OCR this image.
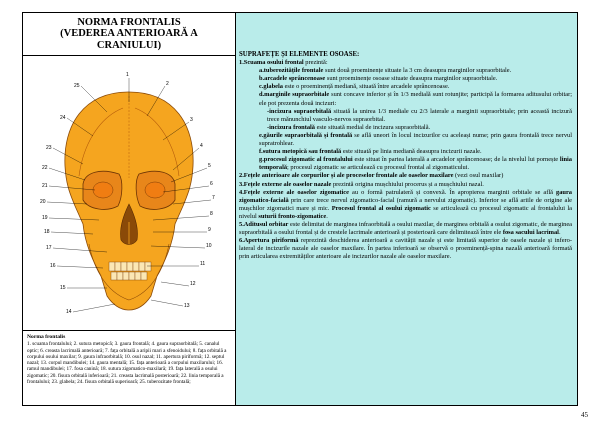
NORMA FRONTALIS
(VEDEREA ANTERIOARĂ A
CRANIULUI)
1
2
3
4
5
6
7
8
9
10
11
12
13
14
15
16
17
18
19
20
21
22
23
24
25
Norma frontalis
1. scuama frontalului; 2. sutura metopică; 3. gaura frontală; 4. gaura supraorbitală; 5. canalul optic; 6. creasta lacrimală anterioară; 7. fața orbitală a aripii mari a sfenoidului; 8. fața orbitală a corpului osului maxilar; 9. gaura infraorbitală; 10. osul nazal; 11. apertura piriformă; 12. septul nazal; 13. corpul mandibulei; 14. gaura mentală; 15. fața anterioară a corpului maxilarului; 16. ramul mandibulei; 17. fosa canină; 18. sutura zigomatico-maxilară; 19. fața laterală a osului zigomatic; 20. fisura orbitală inferioară; 21. creasta lacrimală posterioară; 22. linia temporală a frontalului; 23. glabela; 24. fisura orbitală superioară; 25. tuberozitate frontală;

SUPRAFEȚE ȘI ELEMENTE OSOASE:

1.Scuama osului frontal prezintă:

a.tuberozitățile frontale sunt două proeminențe situate la 3 cm deasupra marginilor supraorbitale.

b.arcadele sprâncenoase sunt proeminențe osoase situate deasupra marginilor supraorbitale.

c.glabela este o proeminență mediană, situată între arcadele sprâncenoase.

d.marginile supraorbitale sunt concave inferior și în 1/3 medială sunt rotunjite; participă la formarea aditusului orbitar; ele pot prezenta două incizuri:

-incizura supraorbitală situată la unirea 1/3 mediale cu 2/3 laterale a marginii supraorbitale; prin această incizură trece mănunchiul vasculo-nervos supraorbital.

-incizura frontală este situată medial de incizura supraorbitală.

e.găurile supraorbitală și frontală se află uneori în locul incizurilor cu aceleași nume; prin gaura frontală trece nervul supratrohlear.

f.sutura metopică sau frontală este situată pe linia mediană deasupra incizurii nazale.

g.procesul zigomatic al frontalului este situat în partea laterală a arcadelor sprâncenoase; de la nivelul lui pornește linia temporală; procesul zigomatic se articulează cu procesul frontal al zigomaticului.

2.Fețele anterioare ale corpurilor și ale proceselor frontale ale oaselor maxilare (vezi osul maxilar)

3.Fețele externe ale oaselor nazale prezintă origina mușchiului procerus și a mușchiului nazal.

4.Fețele externe ale oaselor zigomatice au o formă patrulateră și convexă. În apropierea marginii orbitale se află gaura zigomatico-facială prin care trece nervul zigomatico-facial (ramură a nervului zigomatic). Inferior se află ariile de origine ale mușchilor zigomatici mare și mic. Procesul frontal al osului zigomatic se articulează cu procesul zigomatic al frontalului la nivelul suturii fronto-zigomatice.

5.Aditusul orbitar este delimitat de marginea infraorbitală a osului maxilar, de marginea orbitală a osului zigomatic, de marginea supraorbitală a osului frontal și de crestele lacrimale anterioară și posterioară care delimitează între ele fosa sacului lacrimal.

6.Apertura piriformă reprezintă deschiderea anterioară a cavității nazale și este limitată superior de oasele nazale și infero-lateral de incizurile nazale ale oaselor maxilare. În partea inferioară se observă o proeminență-spina nazală anterioară formată prin articularea extremităților anterioare ale incizurilor nazale ale oaselor maxilare.

45
